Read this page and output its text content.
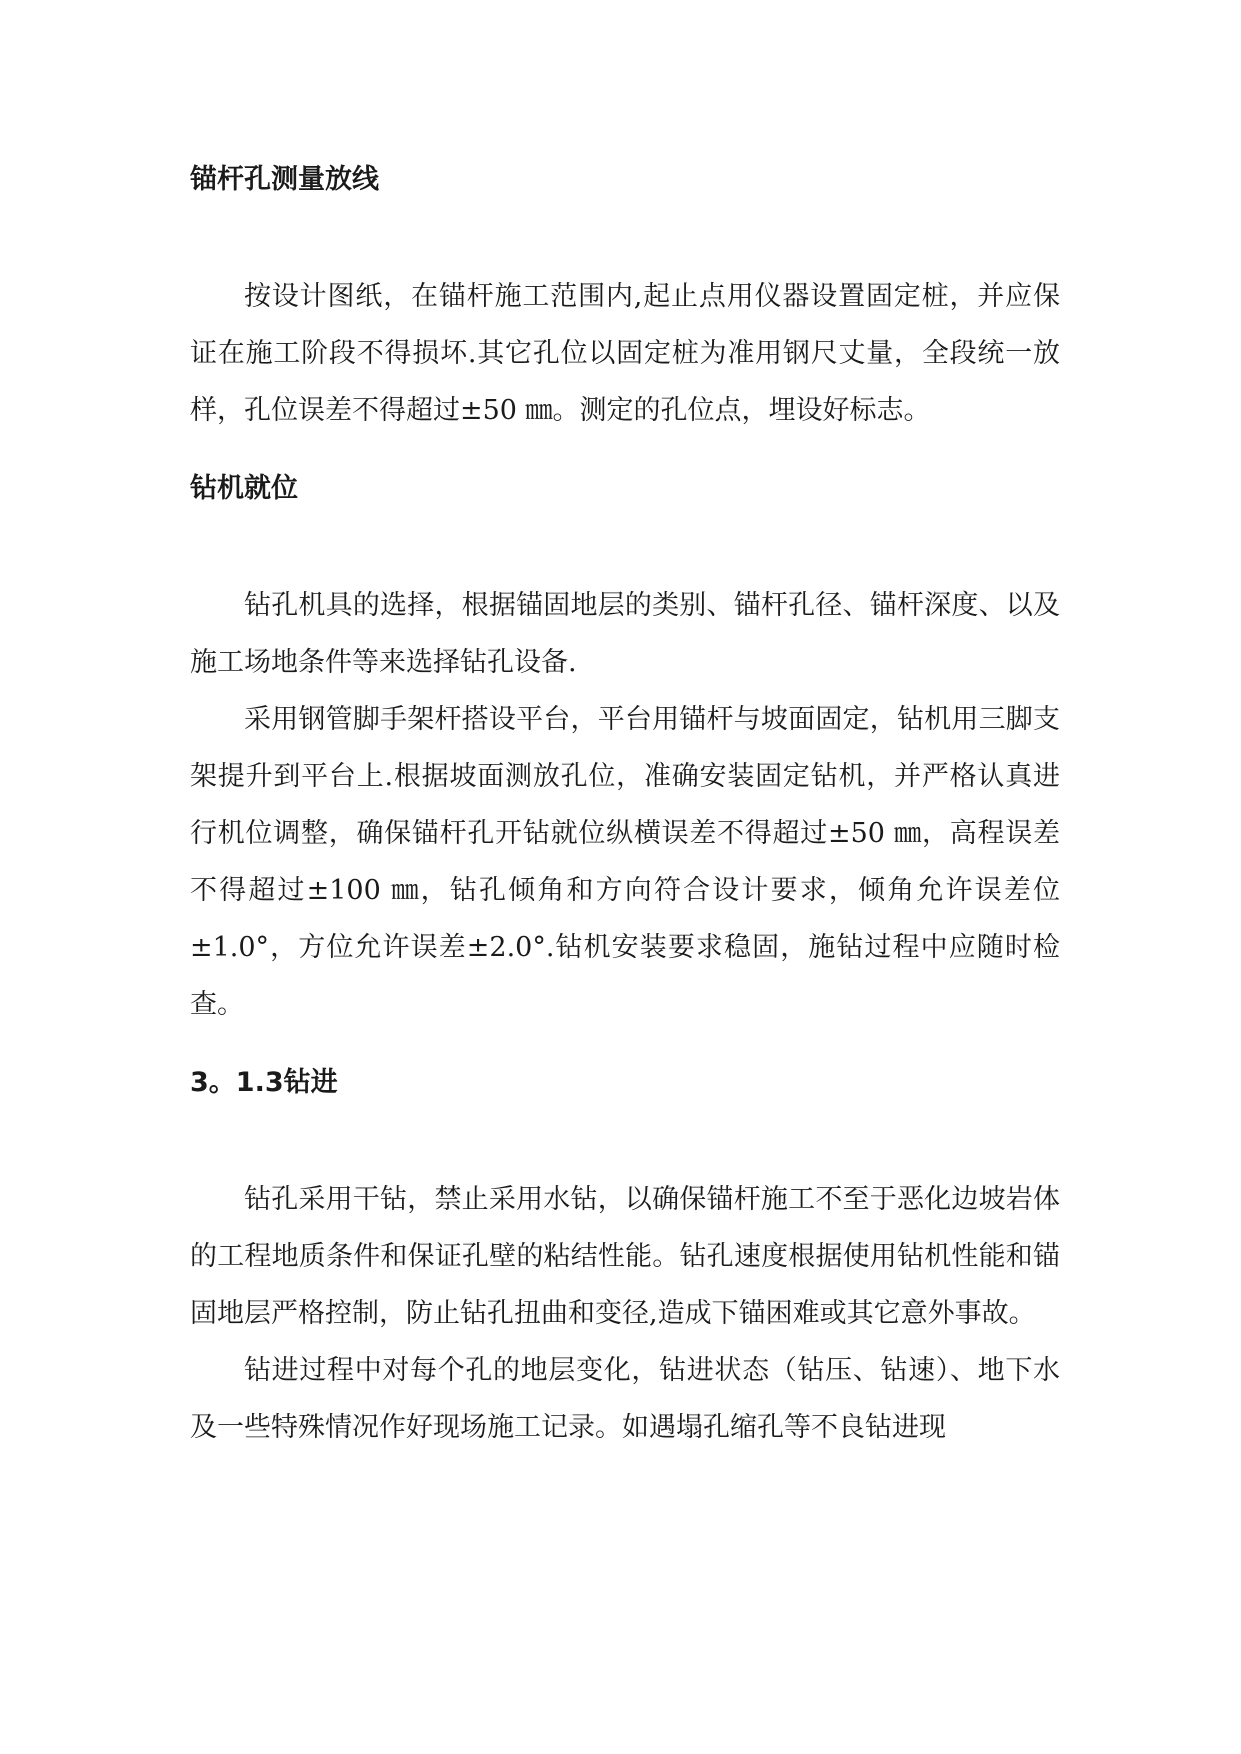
锚杆孔测量放线

按设计图纸，在锚杆施工范围内,起止点用仪器设置固定桩，并应保证在施工阶段不得损坏.其它孔位以固定桩为准用钢尺丈量，全段统一放样，孔位误差不得超过±50 ㎜。测定的孔位点，埋设好标志。

钻机就位

钻孔机具的选择，根据锚固地层的类别、锚杆孔径、锚杆深度、以及施工场地条件等来选择钻孔设备.

采用钢管脚手架杆搭设平台，平台用锚杆与坡面固定，钻机用三脚支架提升到平台上.根据坡面测放孔位，准确安装固定钻机，并严格认真进行机位调整，确保锚杆孔开钻就位纵横误差不得超过±50 ㎜，高程误差不得超过±100 ㎜，钻孔倾角和方向符合设计要求，倾角允许误差位±1.0°，方位允许误差±2.0°.钻机安装要求稳固，施钻过程中应随时检查。

3。1.3钻进

钻孔采用干钻，禁止采用水钻，以确保锚杆施工不至于恶化边坡岩体的工程地质条件和保证孔壁的粘结性能。钻孔速度根据使用钻机性能和锚固地层严格控制，防止钻孔扭曲和变径,造成下锚困难或其它意外事故。

钻进过程中对每个孔的地层变化，钻进状态（钻压、钻速）、地下水及一些特殊情况作好现场施工记录。如遇塌孔缩孔等不良钻进现
